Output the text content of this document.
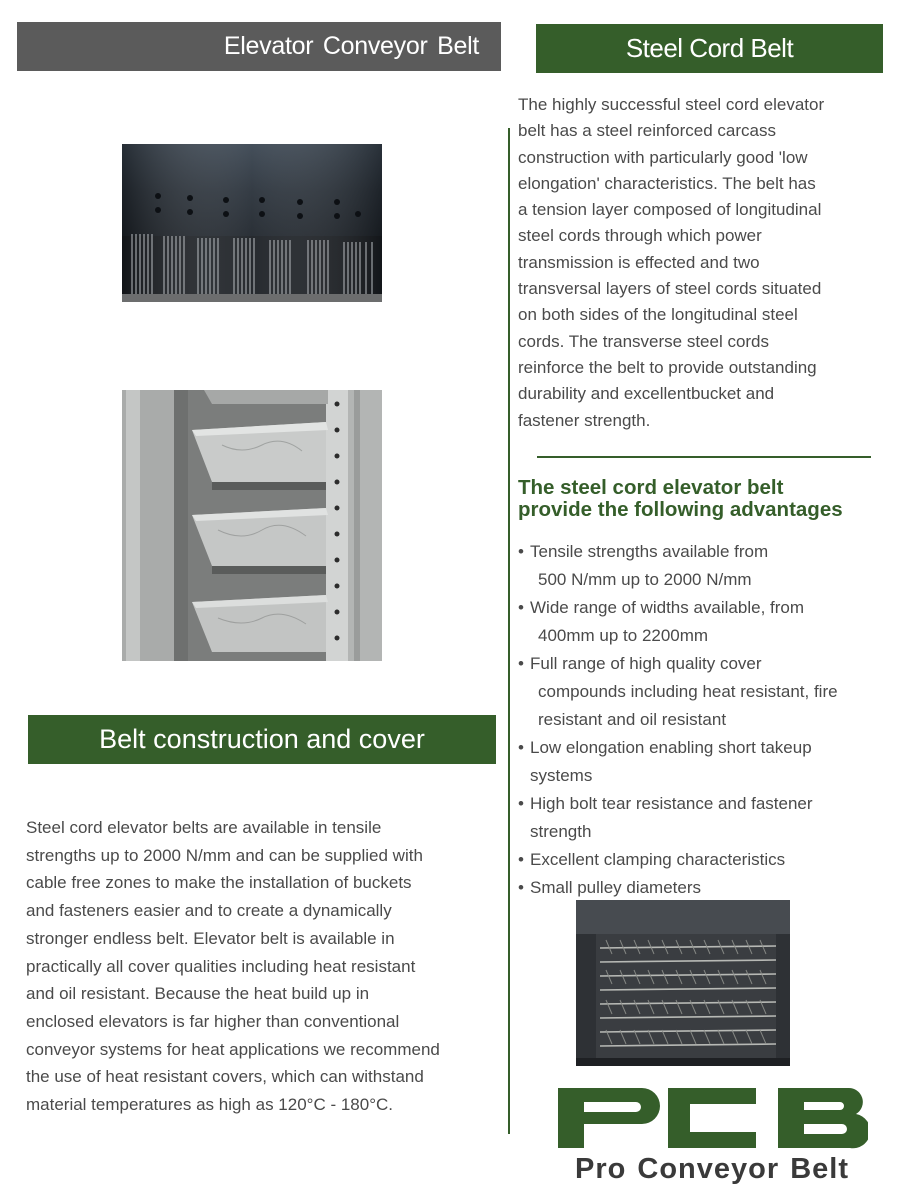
Elevator Conveyor Belt	Steel Cord Belt
The highly successful steel cord elevator
belt has a steel reinforced carcass
construction with particularly good 'low
elongation' characteristics. The belt has
a tension layer composed of longitudinal
steel cords through which power
transmission is effected and two
transversal layers of steel cords situated
on both sides of the longitudinal steel
cords. The transverse steel cords
reinforce the belt to provide outstanding
durability and excellentbucket and
fastener strength.
The steel cord elevator belt
provide the following advantages
• Tensile strengths available from
500 N/mm up to 2000 N/mm
• Wide range of widths available, from
400mm up to 2200mm
• Full range of high quality cover
compounds including heat resistant, fire
resistant and oil resistant
• Low elongation enabling short takeup
systems
• High bolt tear resistance and fastener
strength
• Excellent clamping characteristics
• Small pulley diameters
Belt construction and cover
Steel cord elevator belts are available in tensile
strengths up to 2000 N/mm and can be supplied with
cable free zones to make the installation of buckets
and fasteners easier and to create a dynamically
stronger endless belt. Elevator belt is available in
practically all cover qualities including heat resistant
and oil resistant. Because the heat build up in
enclosed elevators is far higher than conventional
conveyor systems for heat applications we recommend
the use of heat resistant covers, which can withstand
material temperatures as high as 120°C - 180°C.
Pro Conveyor Belt
